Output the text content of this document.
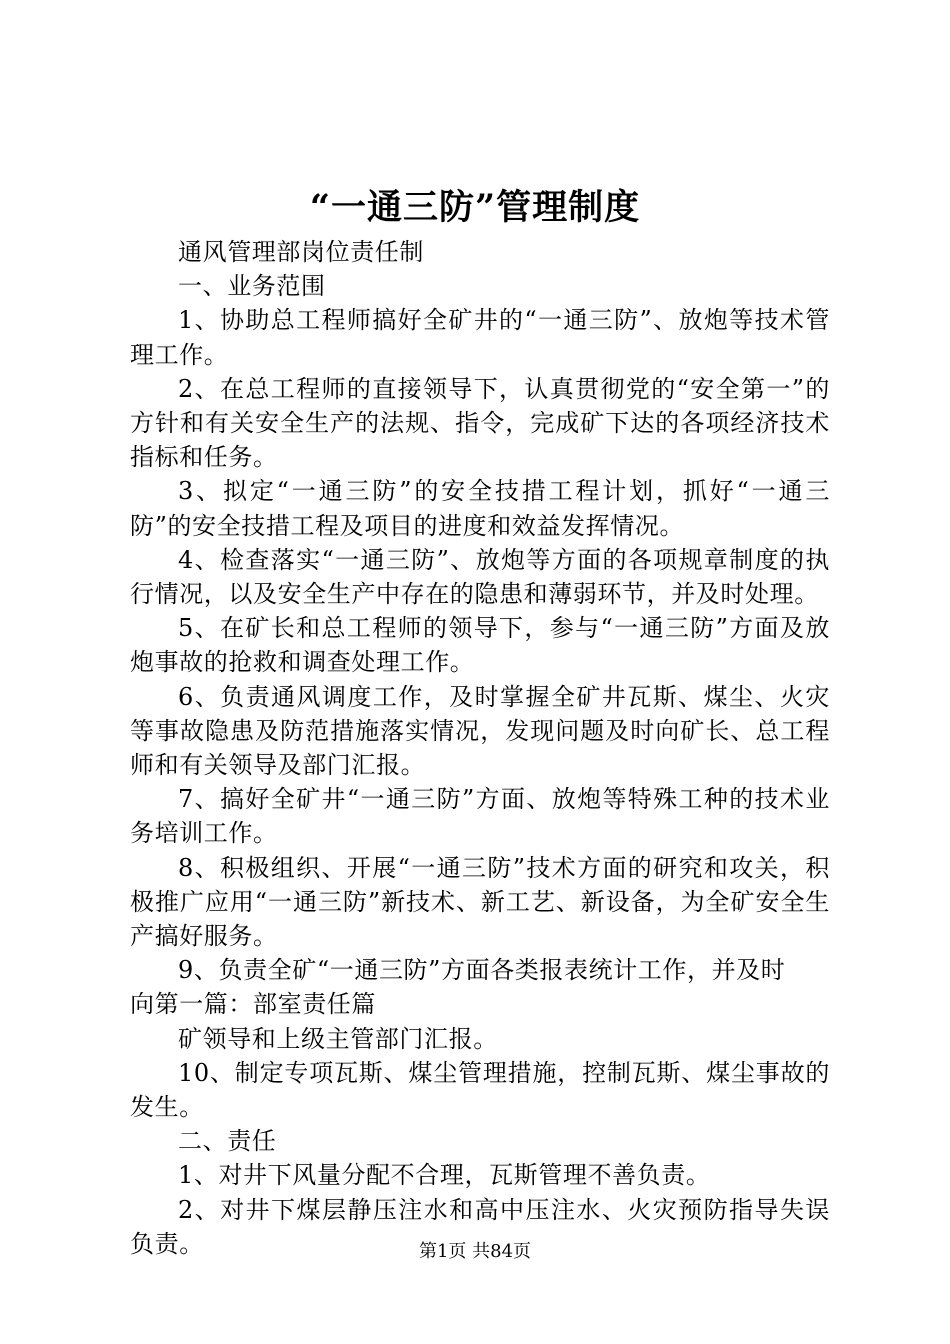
“一通三防”管理制度

通风管理部岗位责任制

一、业务范围

1、协助总工程师搞好全矿井的“一通三防”、放炮等技术管理工作。

2、在总工程师的直接领导下，认真贯彻党的“安全第一”的方针和有关安全生产的法规、指令，完成矿下达的各项经济技术指标和任务。

3、拟定“一通三防”的安全技措工程计划，抓好“一通三防”的安全技措工程及项目的进度和效益发挥情况。

4、检查落实“一通三防”、放炮等方面的各项规章制度的执行情况，以及安全生产中存在的隐患和薄弱环节，并及时处理。

5、在矿长和总工程师的领导下，参与“一通三防”方面及放炮事故的抢救和调查处理工作。

6、负责通风调度工作，及时掌握全矿井瓦斯、煤尘、火灾等事故隐患及防范措施落实情况，发现问题及时向矿长、总工程师和有关领导及部门汇报。

7、搞好全矿井“一通三防”方面、放炮等特殊工种的技术业务培训工作。

8、积极组织、开展“一通三防”技术方面的研究和攻关，积极推广应用“一通三防”新技术、新工艺、新设备，为全矿安全生产搞好服务。

9、负责全矿“一通三防”方面各类报表统计工作，并及时

向第一篇：部室责任篇

矿领导和上级主管部门汇报。

10、制定专项瓦斯、煤尘管理措施，控制瓦斯、煤尘事故的发生。

二、责任

1、对井下风量分配不合理，瓦斯管理不善负责。

2、对井下煤层静压注水和高中压注水、火灾预防指导失误负责。	第1页 共84页
